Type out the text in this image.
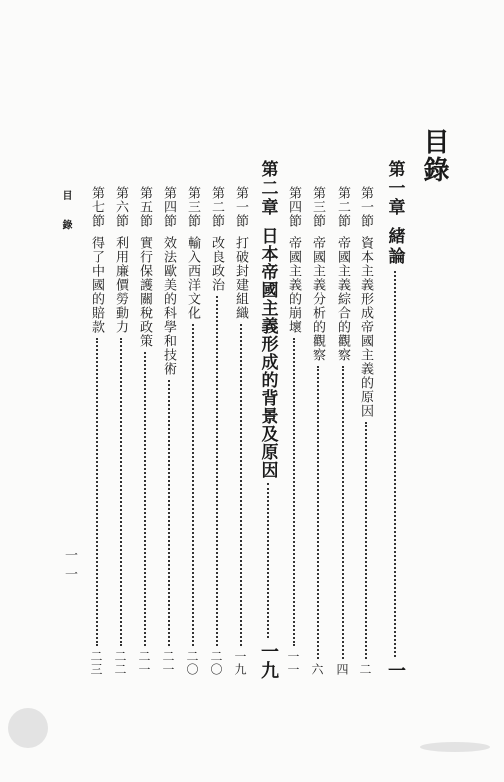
目錄
第一章
緒論
一
第一節
資本主義形成帝國主義的原因
二
第二節
帝國主義綜合的觀察
四
第三節
帝國主義分析的觀察
六
第四節
帝國主義的崩壞
一一
第二章
日本帝國主義形成的背景及原因
一九
第一節
打破封建組織
一九
第二節
改良政治
二〇
第三節
輸入西洋文化
二〇
第四節
效法歐美的科學和技術
二一
第五節
實行保護關稅政策
二一
第六節
利用廉價勞動力
二二
第七節
得了中國的賠款
二三
目 錄
一一
